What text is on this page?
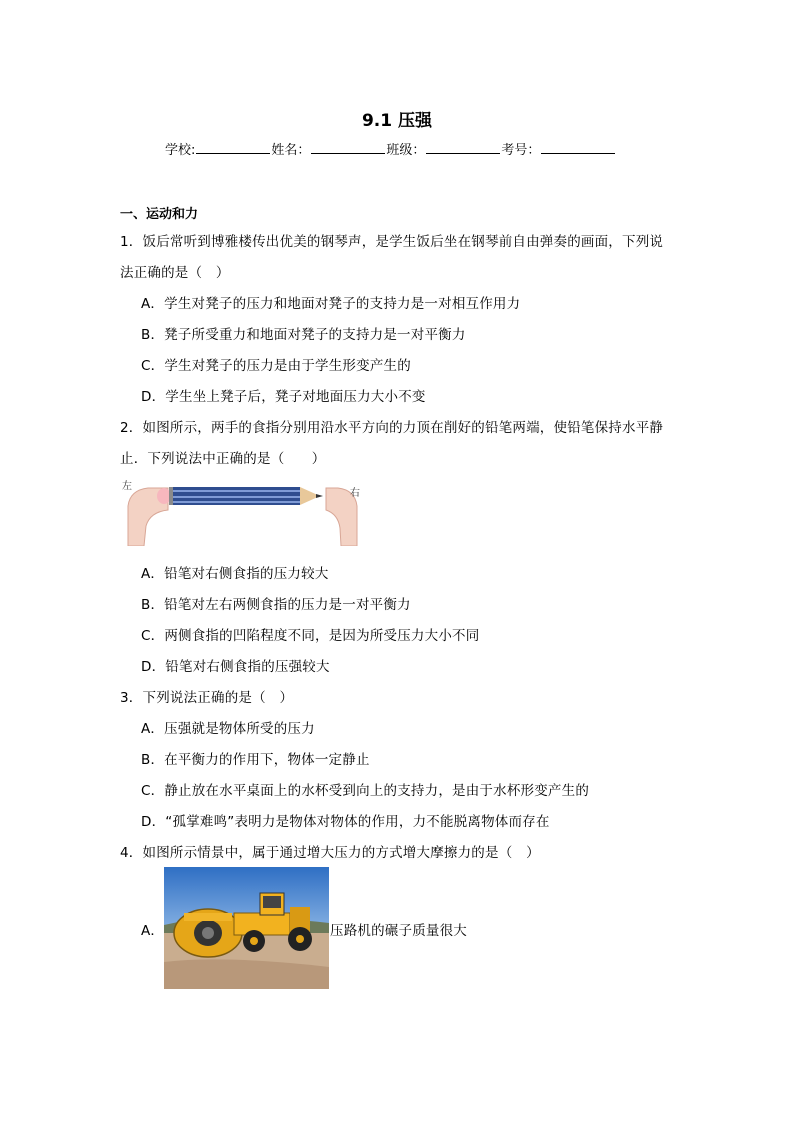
9.1 压强
学校:	姓名：	班级：	考号：
一、运动和力
1．饭后常听到博雅楼传出优美的钢琴声，是学生饭后坐在钢琴前自由弹奏的画面，下列说
法正确的是（　）
A．学生对凳子的压力和地面对凳子的支持力是一对相互作用力
B．凳子所受重力和地面对凳子的支持力是一对平衡力
C．学生对凳子的压力是由于学生形变产生的
D．学生坐上凳子后，凳子对地面压力大小不变
2．如图所示，两手的食指分别用沿水平方向的力顶在削好的铅笔两端，使铅笔保持水平静
止．下列说法中正确的是（　　）
左
右
A．铅笔对右侧食指的压力较大
B．铅笔对左右两侧食指的压力是一对平衡力
C．两侧食指的凹陷程度不同，是因为所受压力大小不同
D．铅笔对右侧食指的压强较大
3．下列说法正确的是（　）
A．压强就是物体所受的压力
B．在平衡力的作用下，物体一定静止
C．静止放在水平桌面上的水杯受到向上的支持力，是由于水杯形变产生的
D．“孤掌难鸣”表明力是物体对物体的作用，力不能脱离物体而存在
4．如图所示情景中，属于通过增大压力的方式增大摩擦力的是（　）
A．	压路机的碾子质量很大
